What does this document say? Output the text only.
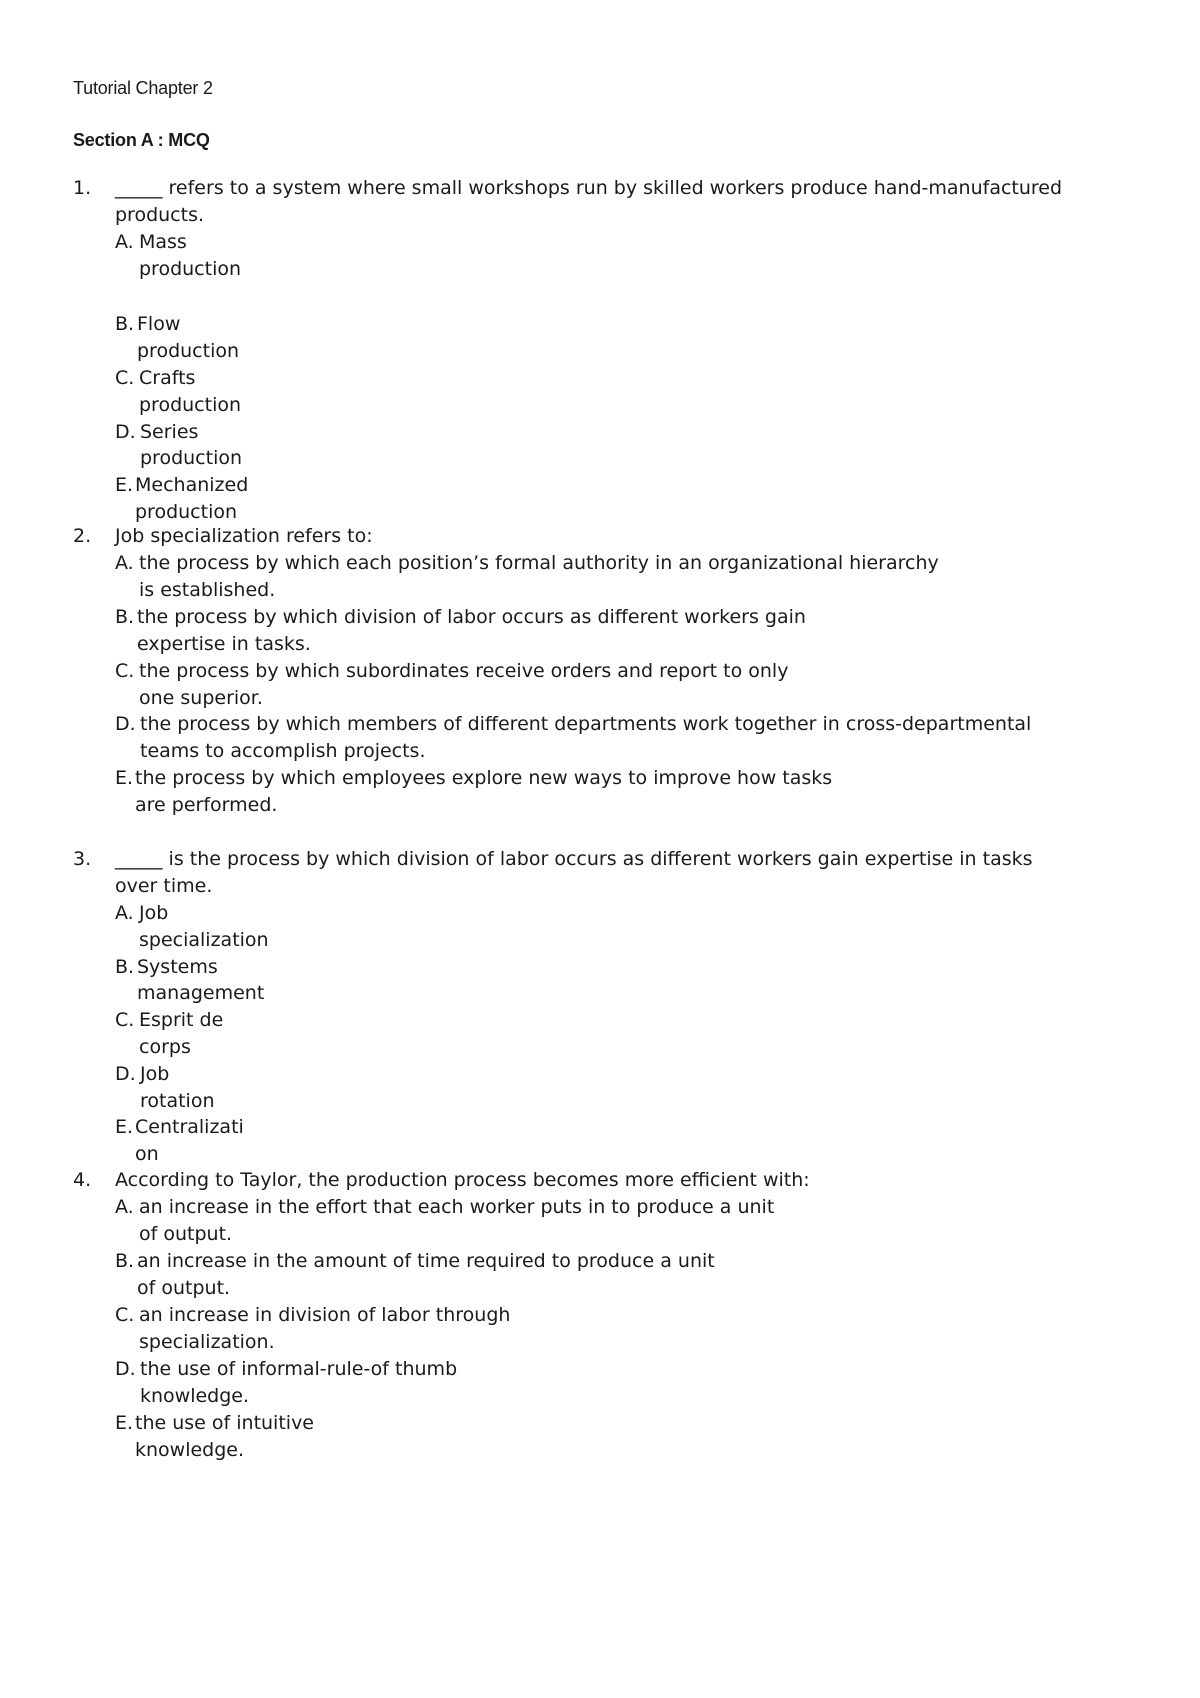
Tutorial Chapter 2
Section A : MCQ
1. _____ refers to a system where small workshops run by skilled workers produce hand-manufactured
products.
A. Mass
production
B. Flow
production
C. Crafts
production
D. Series
production
E. Mechanized
production
2. Job specialization refers to:
A. the process by which each position’s formal authority in an organizational hierarchy
is established.
B. the process by which division of labor occurs as different workers gain
expertise in tasks.
C. the process by which subordinates receive orders and report to only
one superior.
D. the process by which members of different departments work together in cross-departmental
teams to accomplish projects.
E. the process by which employees explore new ways to improve how tasks
are performed.
3. _____ is the process by which division of labor occurs as different workers gain expertise in tasks
over time.
A. Job
specialization
B. Systems
management
C. Esprit de
corps
D. Job
rotation
E. Centralizati
on
4. According to Taylor, the production process becomes more efficient with:
A. an increase in the effort that each worker puts in to produce a unit
of output.
B. an increase in the amount of time required to produce a unit
of output.
C. an increase in division of labor through
specialization.
D. the use of informal-rule-of thumb
knowledge.
E. the use of intuitive
knowledge.
